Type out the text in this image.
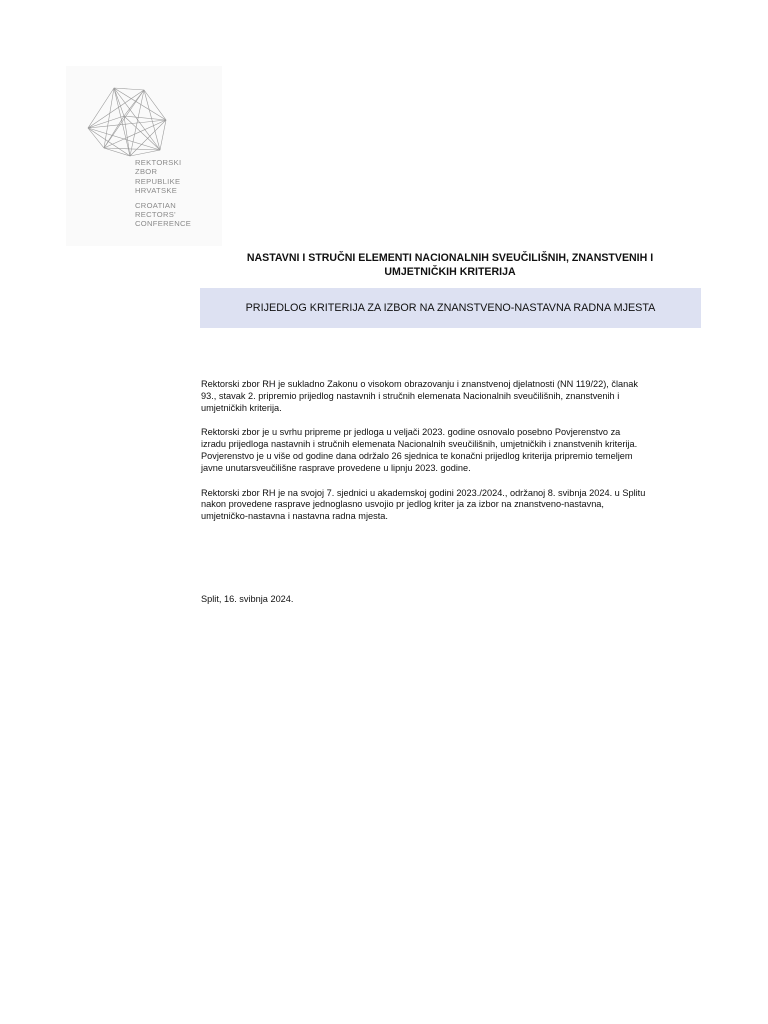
REKTORSKI
ZBOR
REPUBLIKE
HRVATSKE
CROATIAN
RECTORS'
CONFERENCE
NASTAVNI I STRUČNI ELEMENTI NACIONALNIH SVEUČILIŠNIH, ZNANSTVENIH I
UMJETNIČKIH KRITERIJA
PRIJEDLOG KRITERIJA ZA IZBOR NA ZNANSTVENO-NASTAVNA RADNA MJESTA

Rektorski zbor RH je sukladno Zakonu o visokom obrazovanju i znanstvenoj djelatnosti (NN 119/22), članak
93., stavak 2. pripremio prijedlog nastavnih i stručnih elemenata Nacionalnih sveučilišnih, znanstvenih i
umjetničkih kriterija.

Rektorski zbor je u svrhu pripreme pr jedloga u veljači 2023. godine osnovalo posebno Povjerenstvo za
izradu prijedloga nastavnih i stručnih elemenata Nacionalnih sveučilišnih, umjetničkih i znanstvenih kriterija.
Povjerenstvo je u više od godine dana održalo 26 sjednica te konačni prijedlog kriterija pripremio temeljem
javne unutarsveučilišne rasprave provedene u lipnju 2023. godine.

Rektorski zbor RH je na svojoj 7. sjednici u akademskoj godini 2023./2024., održanoj 8. svibnja 2024. u Splitu
nakon provedene rasprave jednoglasno usvojio pr jedlog kriter ja za izbor na znanstveno-nastavna,
umjetničko-nastavna i nastavna radna mjesta.

Split, 16. svibnja 2024.
